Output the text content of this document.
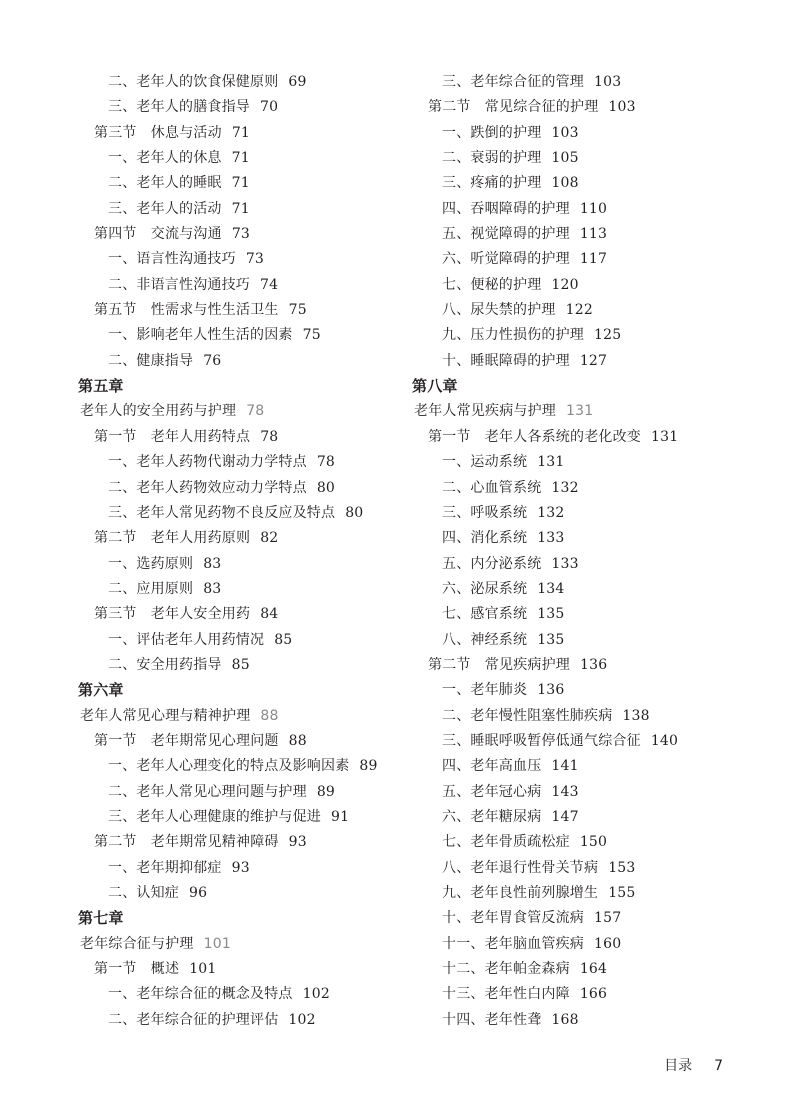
二、老年人的饮食保健原则 69
三、老年人的膳食指导 70
第三节　休息与活动 71
一、老年人的休息 71
二、老年人的睡眠 71
三、老年人的活动 71
第四节　交流与沟通 73
一、语言性沟通技巧 73
二、非语言性沟通技巧 74
第五节　性需求与性生活卫生 75
一、影响老年人性生活的因素 75
二、健康指导 76
第五章
老年人的安全用药与护理 78
第一节　老年人用药特点 78
一、老年人药物代谢动力学特点 78
二、老年人药物效应动力学特点 80
三、老年人常见药物不良反应及特点 80
第二节　老年人用药原则 82
一、选药原则 83
二、应用原则 83
第三节　老年人安全用药 84
一、评估老年人用药情况 85
二、安全用药指导 85
第六章
老年人常见心理与精神护理 88
第一节　老年期常见心理问题 88
一、老年人心理变化的特点及影响因素 89
二、老年人常见心理问题与护理 89
三、老年人心理健康的维护与促进 91
第二节　老年期常见精神障碍 93
一、老年期抑郁症 93
二、认知症 96
第七章
老年综合征与护理 101
第一节　概述 101
一、老年综合征的概念及特点 102
二、老年综合征的护理评估 102
三、老年综合征的管理 103
第二节　常见综合征的护理 103
一、跌倒的护理 103
二、衰弱的护理 105
三、疼痛的护理 108
四、吞咽障碍的护理 110
五、视觉障碍的护理 113
六、听觉障碍的护理 117
七、便秘的护理 120
八、尿失禁的护理 122
九、压力性损伤的护理 125
十、睡眠障碍的护理 127
第八章
老年人常见疾病与护理 131
第一节　老年人各系统的老化改变 131
一、运动系统 131
二、心血管系统 132
三、呼吸系统 132
四、消化系统 133
五、内分泌系统 133
六、泌尿系统 134
七、感官系统 135
八、神经系统 135
第二节　常见疾病护理 136
一、老年肺炎 136
二、老年慢性阻塞性肺疾病 138
三、睡眠呼吸暂停低通气综合征 140
四、老年高血压 141
五、老年冠心病 143
六、老年糖尿病 147
七、老年骨质疏松症 150
八、老年退行性骨关节病 153
九、老年良性前列腺增生 155
十、老年胃食管反流病 157
十一、老年脑血管疾病 160
十二、老年帕金森病 164
十三、老年性白内障 166
十四、老年性聋 168
目录 7
